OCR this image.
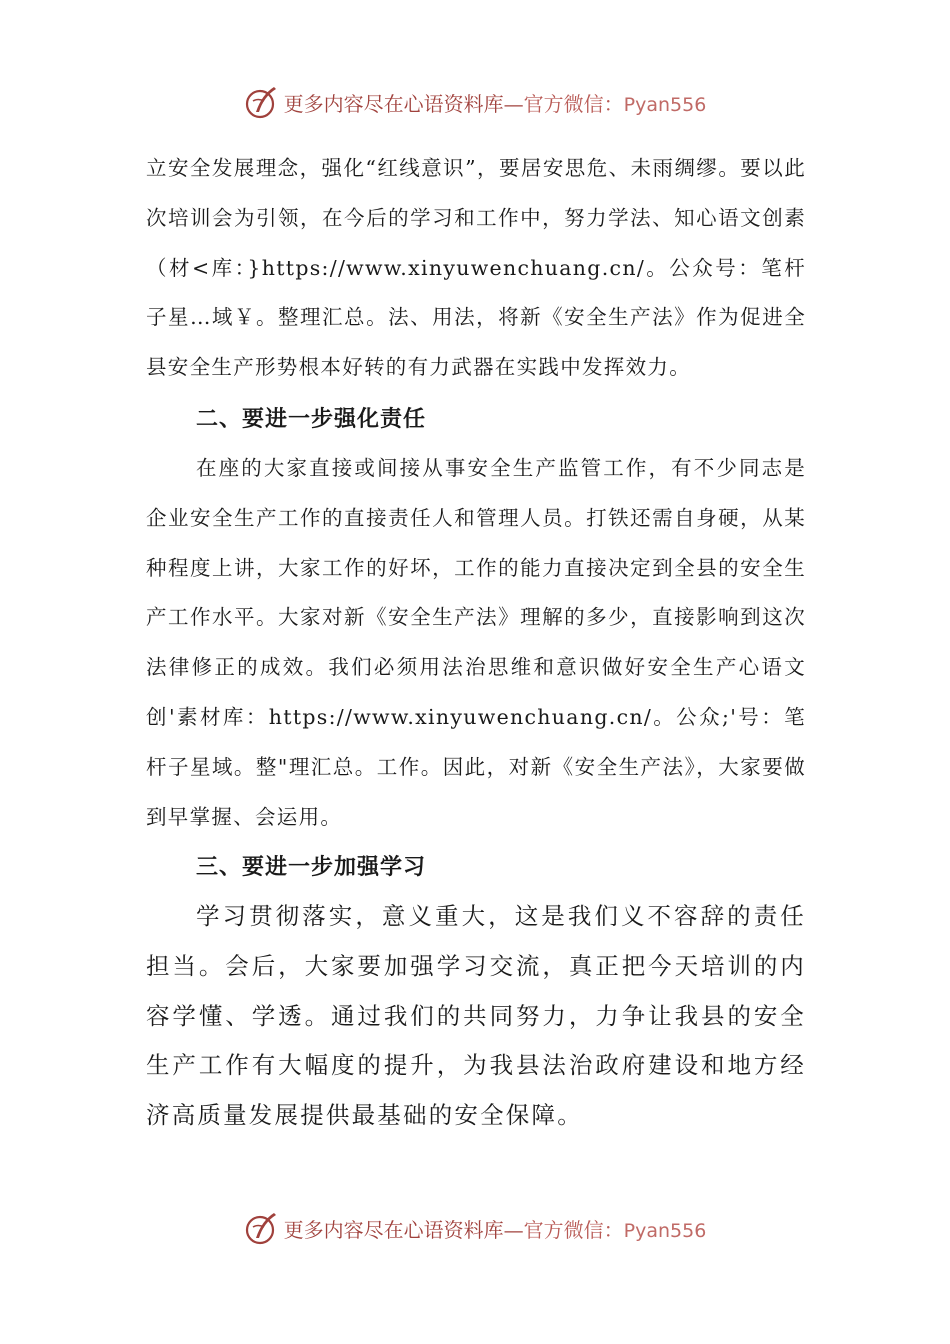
更多内容尽在心语资料库—官方微信：Pyan556

立安全发展理念，强化“红线意识”，要居安思危、未雨绸缪。要以此次培训会为引领，在今后的学习和工作中，努力学法、知心语文创素（材<库：}https://www.xinyuwenchuang.cn/。公众号：笔杆子星…域￥。整理汇总。法、用法，将新《安全生产法》作为促进全县安全生产形势根本好转的有力武器在实践中发挥效力。

二、要进一步强化责任

在座的大家直接或间接从事安全生产监管工作，有不少同志是企业安全生产工作的直接责任人和管理人员。打铁还需自身硬，从某种程度上讲，大家工作的好坏，工作的能力直接决定到全县的安全生产工作水平。大家对新《安全生产法》理解的多少，直接影响到这次法律修正的成效。我们必须用法治思维和意识做好安全生产心语文创'素材库：https://www.xinyuwenchuang.cn/。公众;'号：笔杆子星域。整"理汇总。工作。因此，对新《安全生产法》，大家要做到早掌握、会运用。

三、要进一步加强学习

学习贯彻落实，意义重大，这是我们义不容辞的责任担当。会后，大家要加强学习交流，真正把今天培训的内容学懂、学透。通过我们的共同努力，力争让我县的安全生产工作有大幅度的提升，为我县法治政府建设和地方经济高质量发展提供最基础的安全保障。

更多内容尽在心语资料库—官方微信：Pyan556
